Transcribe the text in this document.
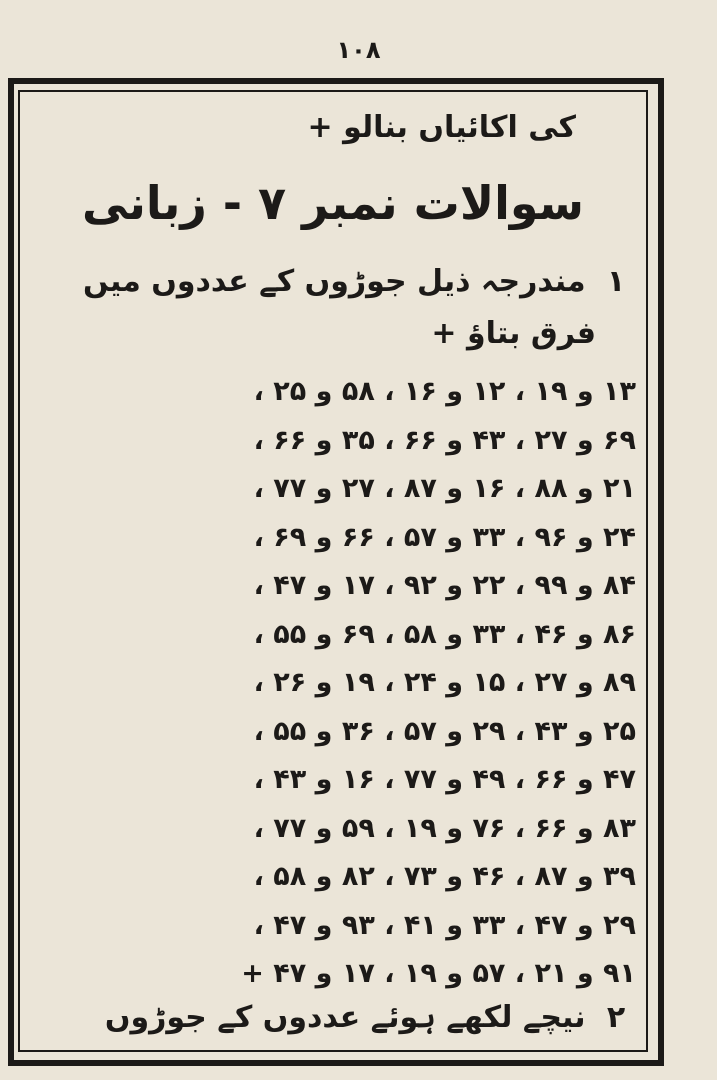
۱۰۸
کی اکائیاں بنالو +
سوالات نمبر ۷ - زبانی
۱ مندرجہ ذیل جوڑوں کے عددوں میں
فرق بتاؤ +
۱۳ و ۱۹ ، ۱۲ و ۱۶ ، ۵۸ و ۲۵ ،
۶۹ و ۲۷ ، ۴۳ و ۶۶ ، ۳۵ و ۶۶ ،
۲۱ و ۸۸ ، ۱۶ و ۸۷ ، ۲۷ و ۷۷ ،
۲۴ و ۹۶ ، ۳۳ و ۵۷ ، ۶۶ و ۶۹ ،
۸۴ و ۹۹ ، ۲۲ و ۹۲ ، ۱۷ و ۴۷ ،
۸۶ و ۴۶ ، ۳۳ و ۵۸ ، ۶۹ و ۵۵ ،
۸۹ و ۲۷ ، ۱۵ و ۲۴ ، ۱۹ و ۲۶ ،
۲۵ و ۴۳ ، ۲۹ و ۵۷ ، ۳۶ و ۵۵ ،
۴۷ و ۶۶ ، ۴۹ و ۷۷ ، ۱۶ و ۴۳ ،
۸۳ و ۶۶ ، ۷۶ و ۱۹ ، ۵۹ و ۷۷ ،
۳۹ و ۸۷ ، ۴۶ و ۷۳ ، ۸۲ و ۵۸ ،
۲۹ و ۴۷ ، ۳۳ و ۴۱ ، ۹۳ و ۴۷ ،
۹۱ و ۲۱ ، ۵۷ و ۱۹ ، ۱۷ و ۴۷ +
۲ نیچے لکھے ہوئے عددوں کے جوڑوں
